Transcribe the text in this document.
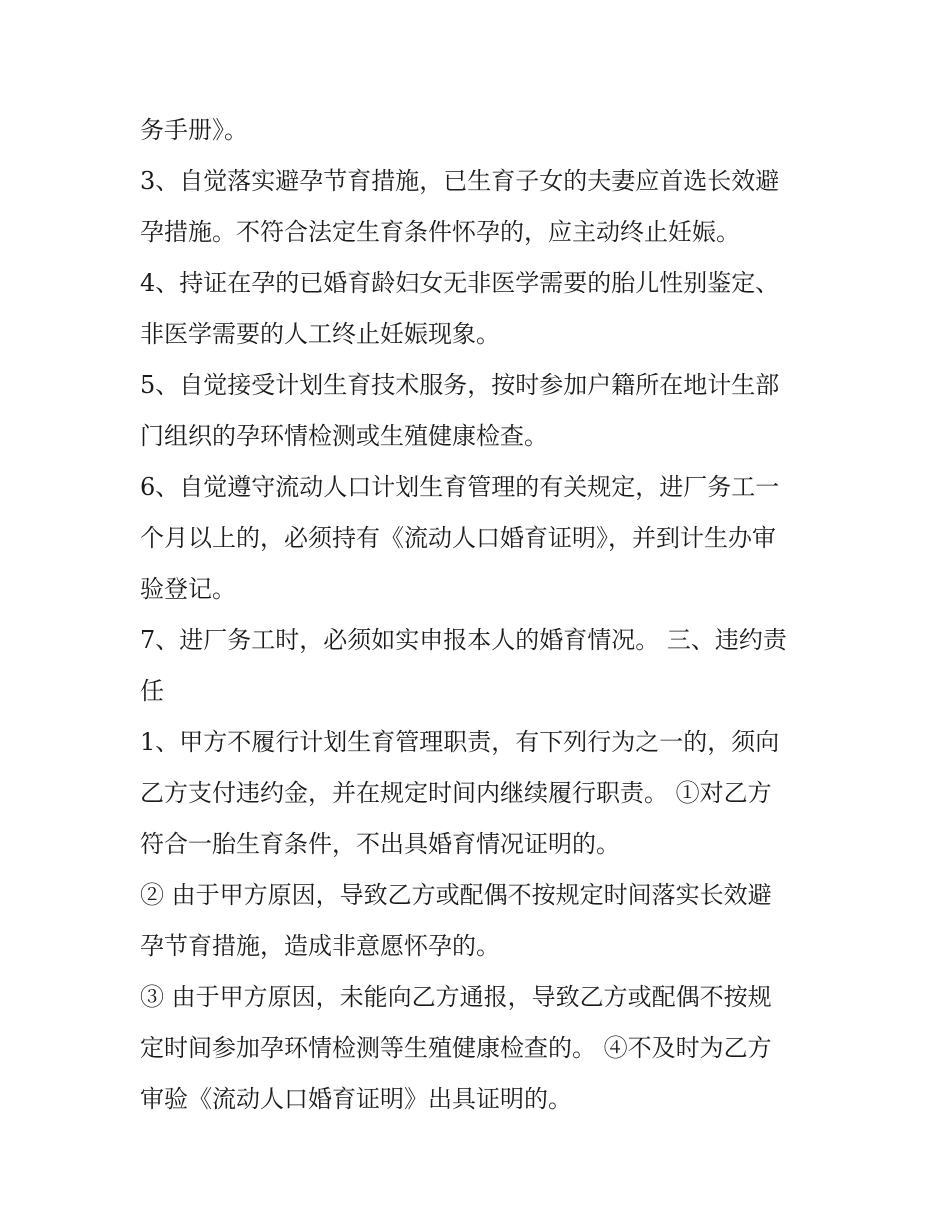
务手册》。

3、自觉落实避孕节育措施，已生育子女的夫妻应首选长效避

孕措施。不符合法定生育条件怀孕的，应主动终止妊娠。

4、持证在孕的已婚育龄妇女无非医学需要的胎儿性别鉴定、

非医学需要的人工终止妊娠现象。

5、自觉接受计划生育技术服务，按时参加户籍所在地计生部

门组织的孕环情检测或生殖健康检查。

6、自觉遵守流动人口计划生育管理的有关规定，进厂务工一

个月以上的，必须持有《流动人口婚育证明》，并到计生办审

验登记。

7、进厂务工时，必须如实申报本人的婚育情况。 三、违约责

任

1、甲方不履行计划生育管理职责，有下列行为之一的，须向

乙方支付违约金，并在规定时间内继续履行职责。 ①对乙方

符合一胎生育条件，不出具婚育情况证明的。

② 由于甲方原因，导致乙方或配偶不按规定时间落实长效避

孕节育措施，造成非意愿怀孕的。

③ 由于甲方原因，未能向乙方通报，导致乙方或配偶不按规

定时间参加孕环情检测等生殖健康检查的。 ④不及时为乙方

审验《流动人口婚育证明》出具证明的。
